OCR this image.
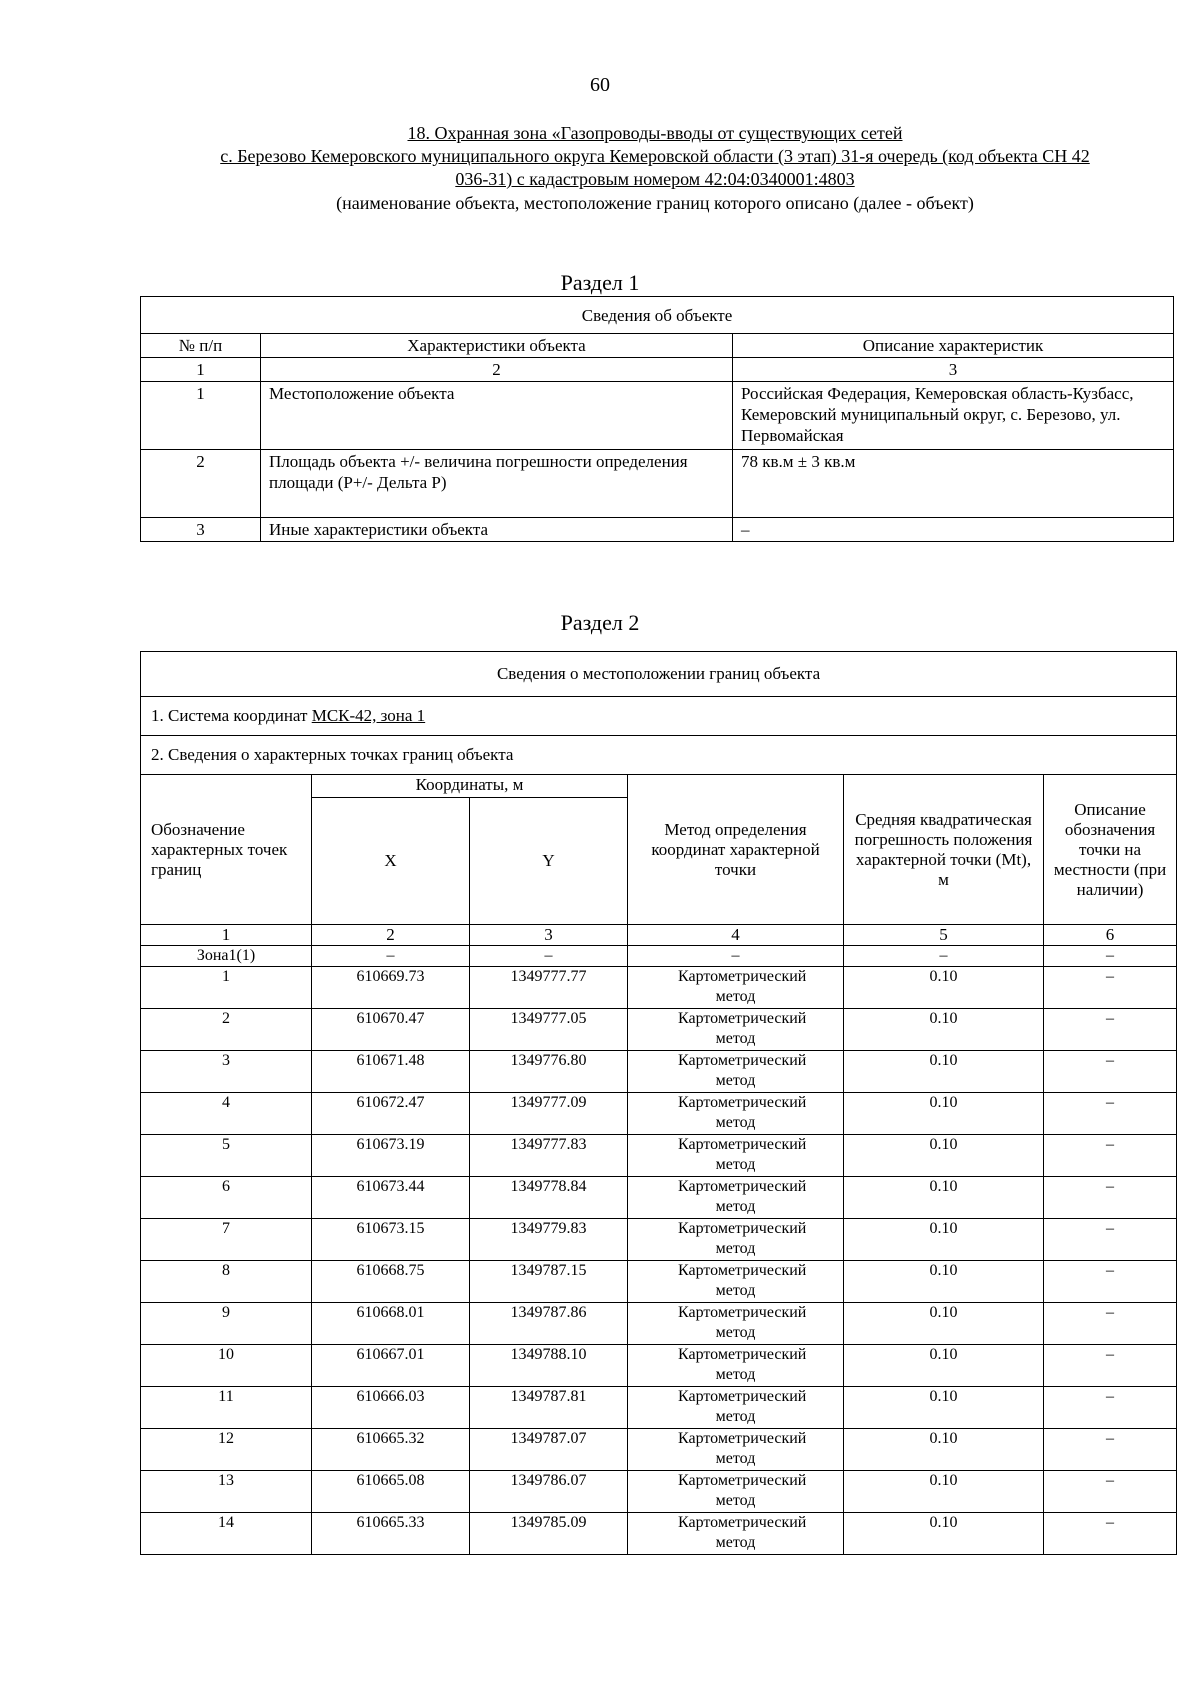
60
18. Охранная зона «Газопроводы-вводы от существующих сетей
с. Березово Кемеровского муниципального округа Кемеровской области (3 этап) 31-я очередь (код объекта СН 42
036-31) с кадастровым номером 42:04:0340001:4803
(наименование объекта, местоположение границ которого описано (далее - объект)
Раздел 1
Сведения об объекте		
№ п/п	Характеристики объекта	Описание характеристик
1	2	3
1	Местоположение объекта	Российская Федерация, Кемеровская область-Кузбасс, Кемеровский муниципальный округ, с. Березово, ул. Первомайская
2	Площадь объекта +/- величина погрешности определения площади (Р+/- Дельта Р)	78 кв.м ± 3 кв.м
3	Иные характеристики объекта	–
Раздел 2
Сведения о местоположении границ объекта					
1. Система координат МСК-42, зона 1					
2. Сведения о характерных точках границ объекта					
Обозначение характерных точек границ	Координаты, м		Метод определения координат характерной точки	Средняя квадратическая погрешность положения характерной точки (Мt), м	Описание обозначения точки на местности (при наличии)
	X	Y			
1	2	3	4	5	6
Зона1(1)	–	–	–	–	–
1	610669.73	1349777.77	Картометрический метод	0.10	–
2	610670.47	1349777.05	Картометрический метод	0.10	–
3	610671.48	1349776.80	Картометрический метод	0.10	–
4	610672.47	1349777.09	Картометрический метод	0.10	–
5	610673.19	1349777.83	Картометрический метод	0.10	–
6	610673.44	1349778.84	Картометрический метод	0.10	–
7	610673.15	1349779.83	Картометрический метод	0.10	–
8	610668.75	1349787.15	Картометрический метод	0.10	–
9	610668.01	1349787.86	Картометрический метод	0.10	–
10	610667.01	1349788.10	Картометрический метод	0.10	–
11	610666.03	1349787.81	Картометрический метод	0.10	–
12	610665.32	1349787.07	Картометрический метод	0.10	–
13	610665.08	1349786.07	Картометрический метод	0.10	–
14	610665.33	1349785.09	Картометрический метод	0.10	–
